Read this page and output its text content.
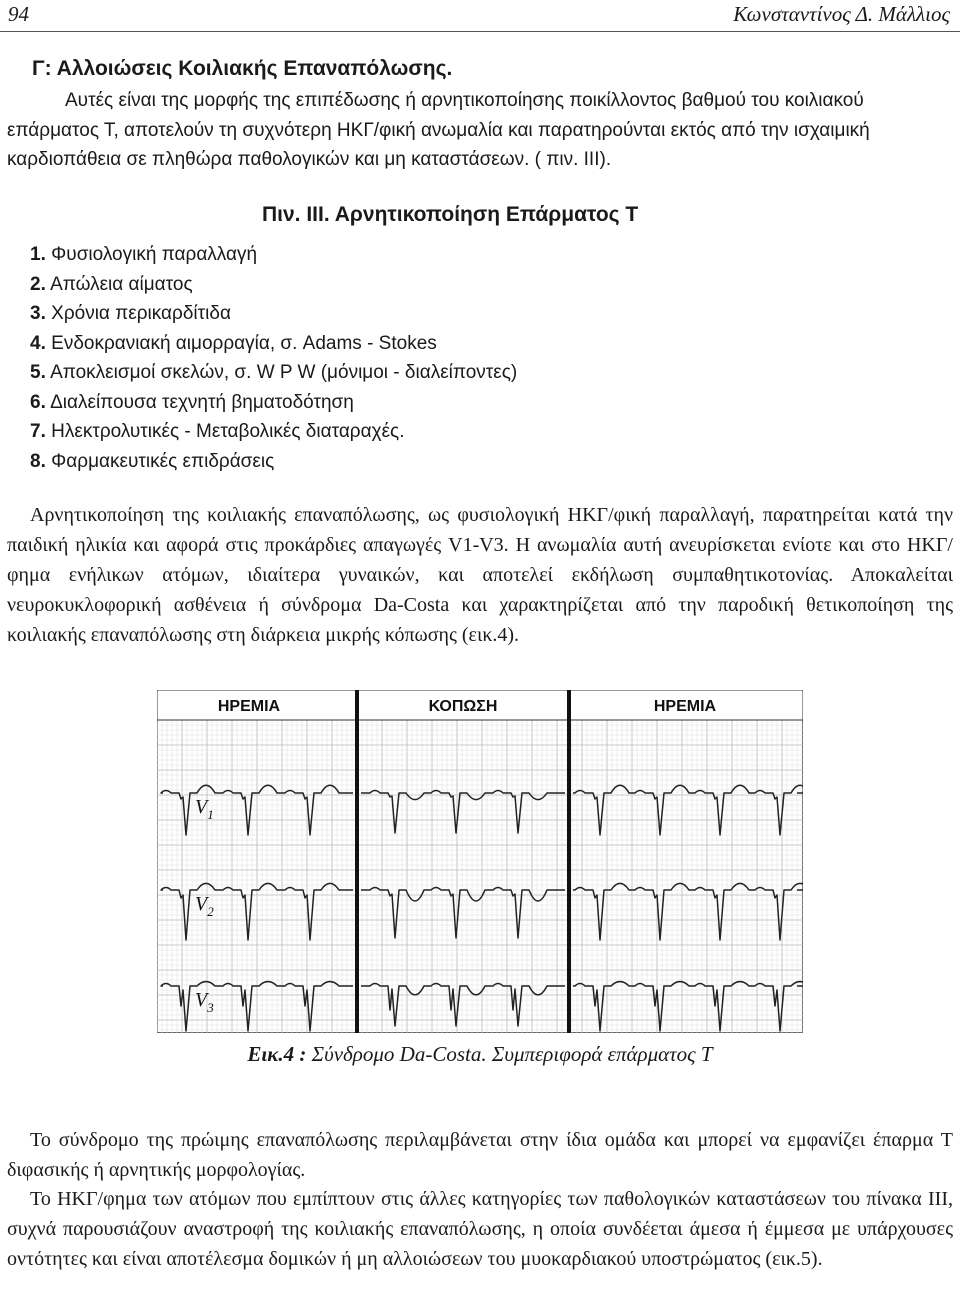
94	Κωνσταντίνος Δ. Μάλλιος
Γ: Αλλοιώσεις Κοιλιακής Επαναπόλωσης.

Αυτές είναι της μορφής της επιπέδωσης ή αρνητικοποίησης ποικίλλοντος βαθμού του κοιλιακού επάρματος Τ, αποτελούν τη συχνότερη ΗΚΓ/φική ανωμαλία και παρατηρούνται εκτός από την ισχαιμική καρδιοπάθεια σε πληθώρα παθολογικών και μη καταστάσεων. ( πιν. ΙΙΙ).

Πιν. ΙΙΙ. Αρνητικοποίηση Επάρματος Τ
1. Φυσιολογική παραλλαγή
2. Απώλεια αίματος
3. Χρόνια περικαρδίτιδα
4. Ενδοκρανιακή αιμορραγία, σ. Adams - Stokes
5. Αποκλεισμοί σκελών, σ. W P W (μόνιμοι - διαλείποντες)
6. Διαλείπουσα τεχνητή βηματοδότηση
7. Ηλεκτρολυτικές - Μεταβολικές διαταραχές.
8. Φαρμακευτικές επιδράσεις

Αρνητικοποίηση της κοιλιακής επαναπόλωσης, ως φυσιολογική ΗΚΓ/φική παραλλαγή, παρατηρείται κατά την παιδική ηλικία και αφορά στις προκάρδιες απαγωγές V1-V3. Η ανωμαλία αυτή ανευρίσκεται ενίοτε και στο ΗΚΓ/φημα ενήλικων ατόμων, ιδιαίτερα γυναικών, και αποτελεί εκδήλωση συμπαθητικοτονίας. Αποκαλείται νευροκυκλοφορική ασθένεια ή σύνδρομα Da-Costa και χαρακτηρίζεται από την παροδική θετικοποίηση της κοιλιακής επαναπόλωσης στη διάρκεια μικρής κόπωσης (εικ.4).

ΗΡΕΜΙΑ	ΚΟΠΩΣΗ	ΗΡΕΜΙΑ
$V_1$
$V_2$
$V_3$
Εικ.4 : Σύνδρομο Da-Costa. Συμπεριφορά επάρματος Τ

Το σύνδρομο της πρώιμης επαναπόλωσης περιλαμβάνεται στην ίδια ομάδα και μπορεί να εμφανίζει έπαρμα Τ διφασικής ή αρνητικής μορφολογίας.

Το ΗΚΓ/φημα των ατόμων που εμπίπτουν στις άλλες κατηγορίες των παθολογικών καταστάσεων του πίνακα ΙΙΙ, συχνά παρουσιάζουν αναστροφή της κοιλιακής επαναπόλωσης, η οποία συνδέεται άμεσα ή έμμεσα με υπάρχουσες οντότητες και είναι αποτέλεσμα δομικών ή μη αλλοιώσεων του μυοκαρδιακού υποστρώματος (εικ.5).
